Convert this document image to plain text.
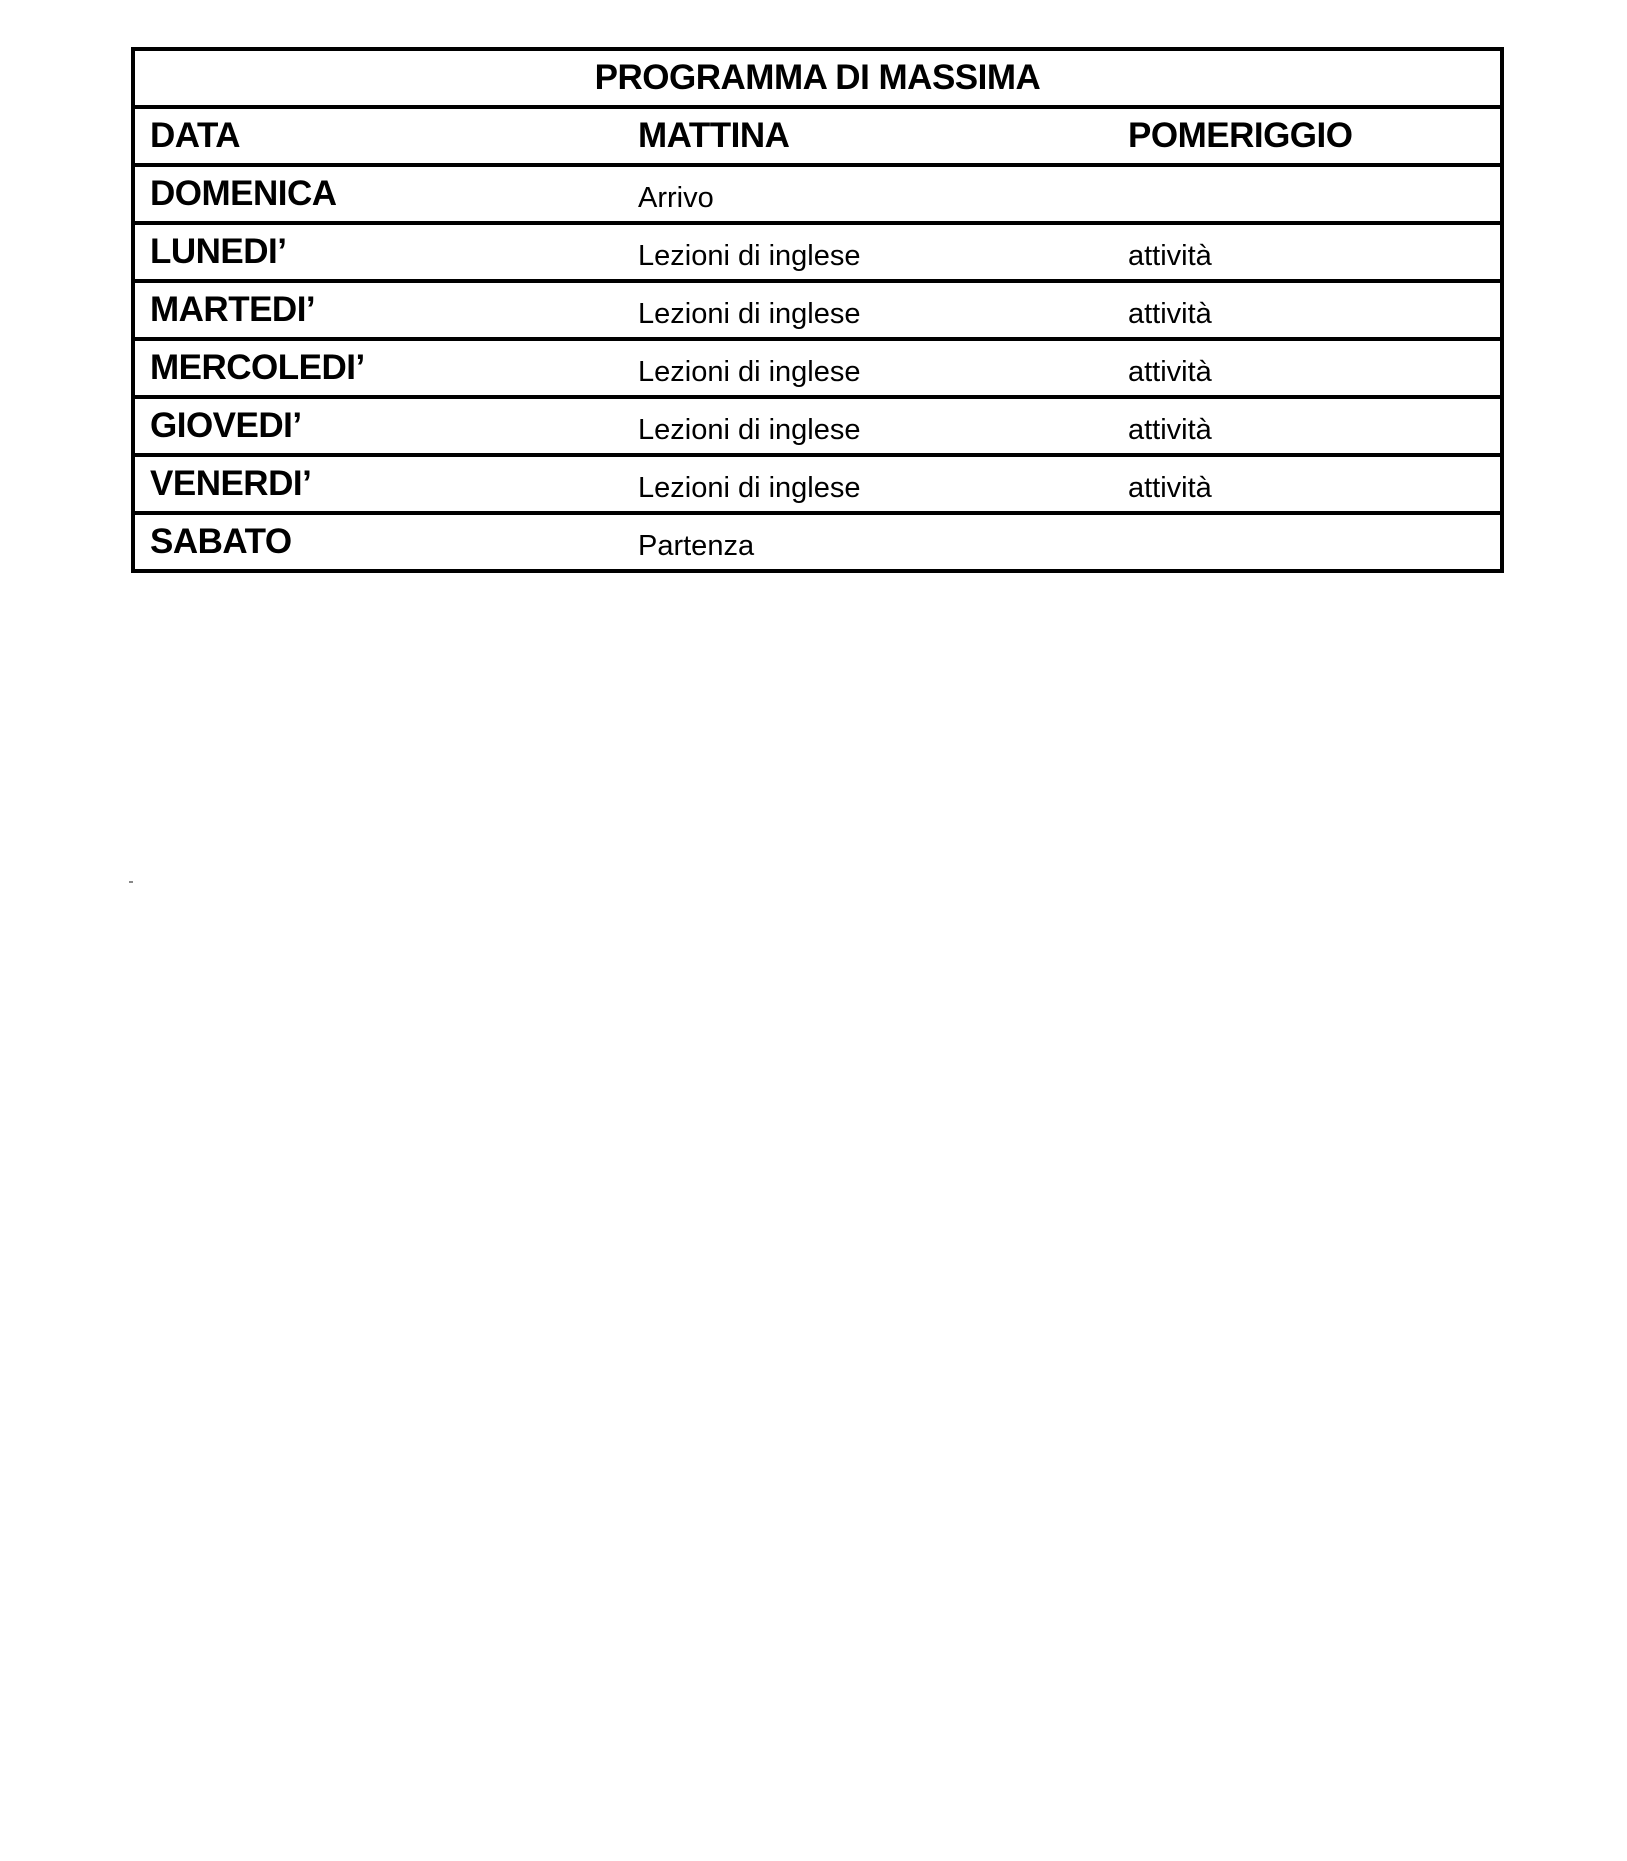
PROGRAMMA DI MASSIMA		
DATA	MATTINA	POMERIGGIO
DOMENICA	Arrivo	
LUNEDI’	Lezioni di inglese	attività
MARTEDI’	Lezioni di inglese	attività
MERCOLEDI’	Lezioni di inglese	attività
GIOVEDI’	Lezioni di inglese	attività
VENERDI’	Lezioni di inglese	attività
SABATO	Partenza	
